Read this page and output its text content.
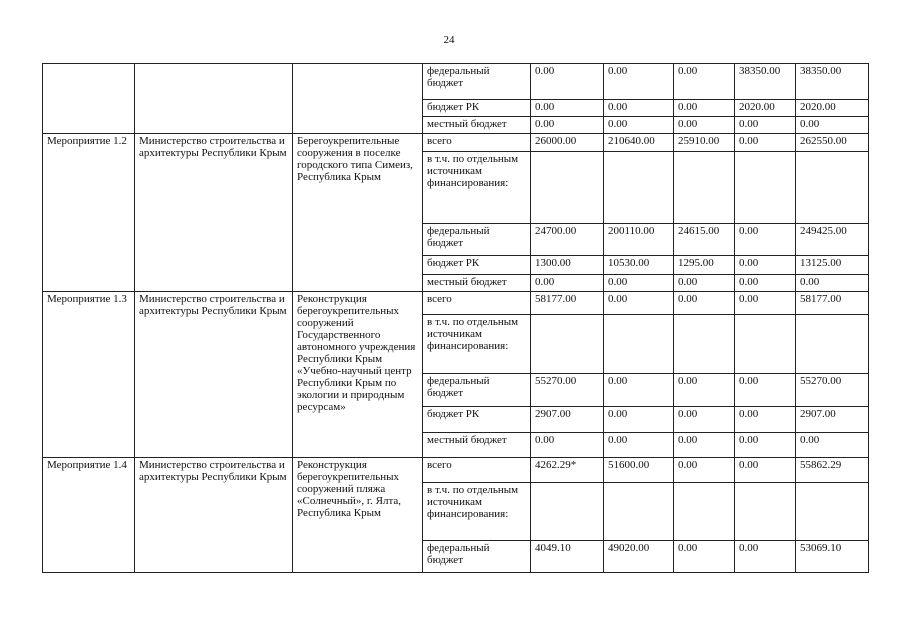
24
			федеральный бюджет	0.00	0.00	0.00	38350.00	38350.00
			бюджет РК	0.00	0.00	0.00	2020.00	2020.00
			местный бюджет	0.00	0.00	0.00	0.00	0.00
Мероприятие 1.2	Министерство строительства и архитектуры Республики Крым	Берегоукрепительные сооружения в поселке городского типа Симеиз, Республика Крым	всего	26000.00	210640.00	25910.00	0.00	262550.00
			в т.ч. по отдельным источникам финансирования:					
			федеральный бюджет	24700.00	200110.00	24615.00	0.00	249425.00
			бюджет РК	1300.00	10530.00	1295.00	0.00	13125.00
			местный бюджет	0.00	0.00	0.00	0.00	0.00
Мероприятие 1.3	Министерство строительства и архитектуры Республики Крым	Реконструкция берегоукрепительных сооружений Государственного автономного учреждения Республики Крым «Учебно-научный центр Республики Крым по экологии и природным ресурсам»	всего	58177.00	0.00	0.00	0.00	58177.00
			в т.ч. по отдельным источникам финансирования:					
			федеральный бюджет	55270.00	0.00	0.00	0.00	55270.00
			бюджет РК	2907.00	0.00	0.00	0.00	2907.00
			местный бюджет	0.00	0.00	0.00	0.00	0.00
Мероприятие 1.4	Министерство строительства и архитектуры Республики Крым	Реконструкция берегоукрепительных сооружений пляжа «Солнечный», г. Ялта, Республика Крым	всего	4262.29*	51600.00	0.00	0.00	55862.29
			в т.ч. по отдельным источникам финансирования:					
			федеральный бюджет	4049.10	49020.00	0.00	0.00	53069.10
